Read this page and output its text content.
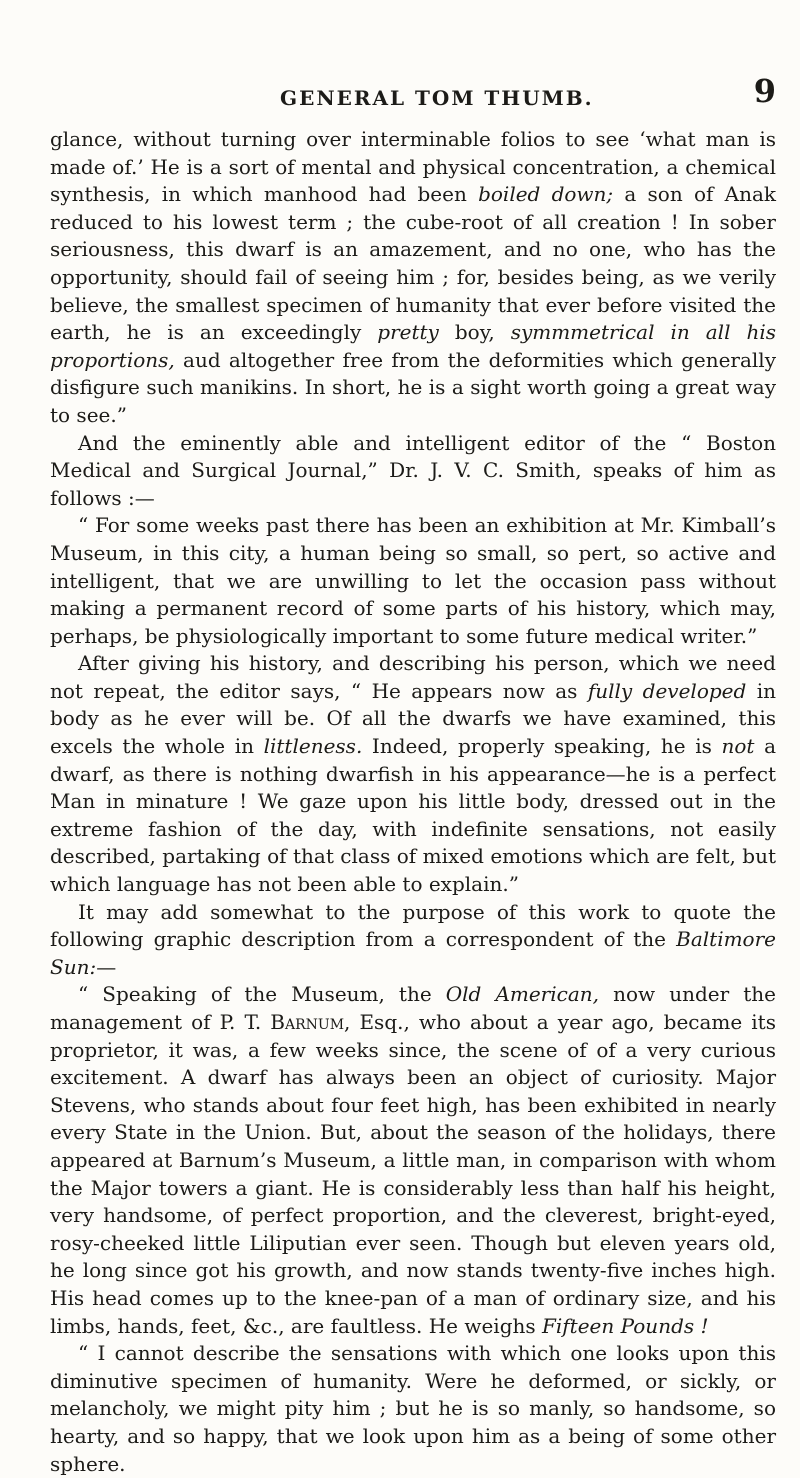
GENERAL TOM THUMB.	9

glance, without turning over interminable folios to see ‘what man is made of.’ He is a sort of mental and physical concentration, a chemical synthesis, in which manhood had been boiled down; a son of Anak reduced to his lowest term ; the cube-root of all creation ! In sober seriousness, this dwarf is an amazement, and no one, who has the opportunity, should fail of seeing him ; for, besides being, as we verily believe, the smallest specimen of humanity that ever before visited the earth, he is an exceedingly pretty boy, symmmetrical in all his proportions, aud altogether free from the deformities which generally disfigure such manikins. In short, he is a sight worth going a great way to see.”

And the eminently able and intelligent editor of the “ Boston Medical and Surgical Journal,” Dr. J. V. C. Smith, speaks of him as follows :—

“ For some weeks past there has been an exhibition at Mr. Kimball’s Museum, in this city, a human being so small, so pert, so active and intelligent, that we are unwilling to let the occasion pass without making a permanent record of some parts of his history, which may, perhaps, be physiologically important to some future medical writer.”

After giving his history, and describing his person, which we need not repeat, the editor says, “ He appears now as fully developed in body as he ever will be. Of all the dwarfs we have examined, this excels the whole in littleness. Indeed, properly speaking, he is not a dwarf, as there is nothing dwarfish in his appearance—he is a perfect Man in minature ! We gaze upon his little body, dressed out in the extreme fashion of the day, with indefinite sensations, not easily described, partaking of that class of mixed emotions which are felt, but which language has not been able to explain.”

It may add somewhat to the purpose of this work to quote the following graphic description from a correspondent of the Baltimore Sun:—

“ Speaking of the Museum, the Old American, now under the management of P. T. Barnum, Esq., who about a year ago, became its proprietor, it was, a few weeks since, the scene of of a very curious excitement. A dwarf has always been an object of curiosity. Major Stevens, who stands about four feet high, has been exhibited in nearly every State in the Union. But, about the season of the holidays, there appeared at Barnum’s Museum, a little man, in comparison with whom the Major towers a giant. He is considerably less than half his height, very handsome, of perfect proportion, and the cleverest, bright-eyed, rosy-cheeked little Liliputian ever seen. Though but eleven years old, he long since got his growth, and now stands twenty-five inches high. His head comes up to the knee-pan of a man of ordinary size, and his limbs, hands, feet, &c., are faultless. He weighs Fifteen Pounds !

“ I cannot describe the sensations with which one looks upon this diminutive specimen of humanity. Were he deformed, or sickly, or melancholy, we might pity him ; but he is so manly, so handsome, so hearty, and so happy, that we look upon him as a being of some other sphere.
